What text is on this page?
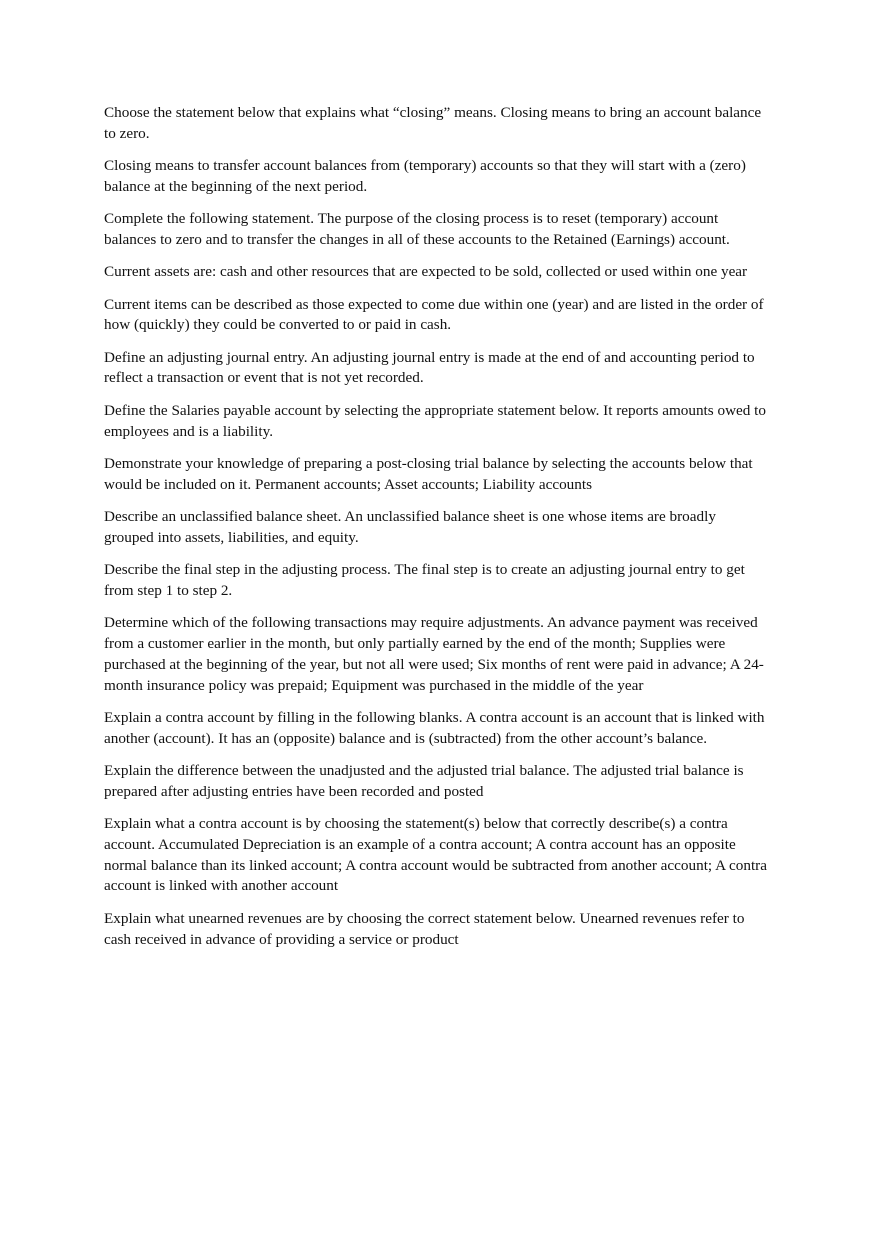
Choose the statement below that explains what “closing” means. Closing means to bring an account balance to zero.

Closing means to transfer account balances from (temporary) accounts so that they will start with a (zero) balance at the beginning of the next period.

Complete the following statement. The purpose of the closing process is to reset (temporary) account balances to zero and to transfer the changes in all of these accounts to the Retained (Earnings) account.

Current assets are: cash and other resources that are expected to be sold, collected or used within one year

Current items can be described as those expected to come due within one (year) and are listed in the order of how (quickly) they could be converted to or paid in cash.

Define an adjusting journal entry. An adjusting journal entry is made at the end of and accounting period to reflect a transaction or event that is not yet recorded.

Define the Salaries payable account by selecting the appropriate statement below. It reports amounts owed to employees and is a liability.

Demonstrate your knowledge of preparing a post-closing trial balance by selecting the accounts below that would be included on it. Permanent accounts; Asset accounts; Liability accounts

Describe an unclassified balance sheet. An unclassified balance sheet is one whose items are broadly grouped into assets, liabilities, and equity.

Describe the final step in the adjusting process. The final step is to create an adjusting journal entry to get from step 1 to step 2.

Determine which of the following transactions may require adjustments. An advance payment was received from a customer earlier in the month, but only partially earned by the end of the month; Supplies were purchased at the beginning of the year, but not all were used; Six months of rent were paid in advance; A 24-month insurance policy was prepaid; Equipment was purchased in the middle of the year

Explain a contra account by filling in the following blanks. A contra account is an account that is linked with another (account). It has an (opposite) balance and is (subtracted) from the other account’s balance.

Explain the difference between the unadjusted and the adjusted trial balance. The adjusted trial balance is prepared after adjusting entries have been recorded and posted

Explain what a contra account is by choosing the statement(s) below that correctly describe(s) a contra account. Accumulated Depreciation is an example of a contra account; A contra account has an opposite normal balance than its linked account; A contra account would be subtracted from another account; A contra account is linked with another account

Explain what unearned revenues are by choosing the correct statement below. Unearned revenues refer to cash received in advance of providing a service or product
